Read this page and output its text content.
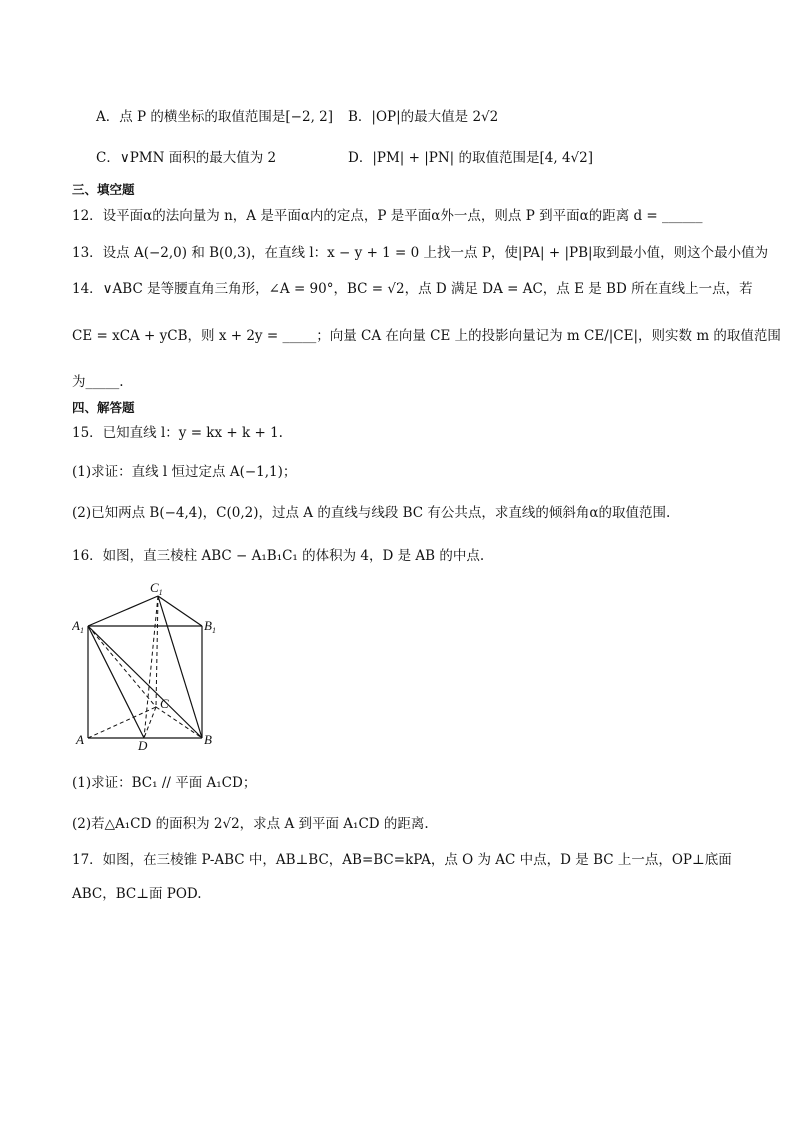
A．点 P 的横坐标的取值范围是[−2, 2] B．|OP|的最大值是 2√2
C．∨PMN 面积的最大值为 2	D．|PM| + |PN| 的取值范围是[4, 4√2]
三、填空题
12．设平面α的法向量为 n，A 是平面α内的定点，P 是平面α外一点，则点 P 到平面α的距离 d = ______
13．设点 A(−2,0) 和 B(0,3)，在直线 l：x − y + 1 = 0 上找一点 P，使|PA| + |PB|取到最小值，则这个最小值为
14．∨ABC 是等腰直角三角形，∠A = 90°，BC = √2，点 D 满足 DA = AC，点 E 是 BD 所在直线上一点，若
CE = xCA + yCB，则 x + 2y = _____；向量 CA 在向量 CE 上的投影向量记为 m CE/|CE|，则实数 m 的取值范围
为_____.
四、解答题
15．已知直线 l：y = kx + k + 1.
(1)求证：直线 l 恒过定点 A(−1,1)；
(2)已知两点 B(−4,4)，C(0,2)，过点 A 的直线与线段 BC 有公共点，求直线的倾斜角α的取值范围.
16．如图，直三棱柱 ABC − A₁B₁C₁ 的体积为 4，D 是 AB 的中点.
$C_1$
$A_1$	$B_1$
C
A	B
D
(1)求证：BC₁ // 平面 A₁CD；
(2)若△A₁CD 的面积为 2√2，求点 A 到平面 A₁CD 的距离.
17．如图，在三棱锥 P-ABC 中，AB⊥BC，AB=BC=kPA，点 O 为 AC 中点，D 是 BC 上一点，OP⊥底面
ABC，BC⊥面 POD.
